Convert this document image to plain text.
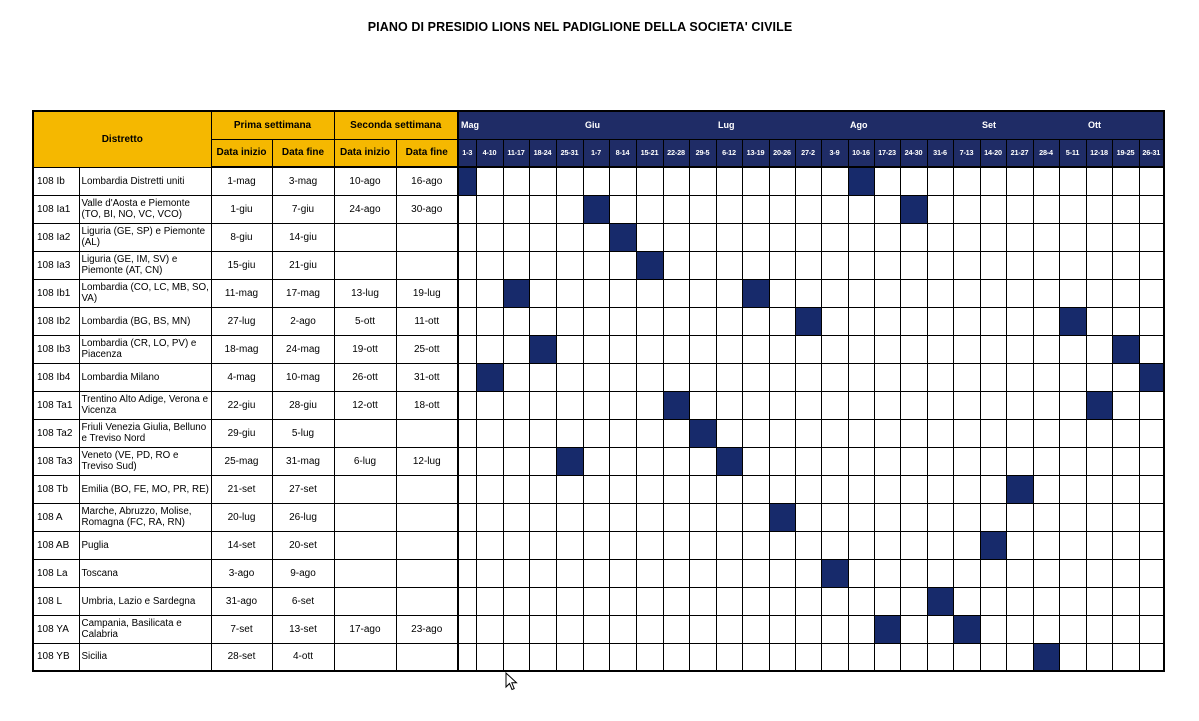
PIANO DI PRESIDIO LIONS NEL PADIGLIONE DELLA SOCIETA' CIVILE
Distretto		Prima settimana		Seconda settimana		Mag					Giu					Lug					Ago					Set				Ott		
		Data inizio	Data fine	Data inizio	Data fine	1-3	4-10	11-17	18-24	25-31	1-7	8-14	15-21	22-28	29-5	6-12	13-19	20-26	27-2	3-9	10-16	17-23	24-30	31-6	7-13	14-20	21-27	28-4	5-11	12-18	19-25	26-31
108 Ib	Lombardia Distretti uniti	1-mag	3-mag	10-ago	16-ago																											
108 Ia1	Valle d'Aosta e Piemonte (TO, BI, NO, VC, VCO)	1-giu	7-giu	24-ago	30-ago																											
108 Ia2	Liguria (GE, SP) e Piemonte (AL)	8-giu	14-giu																													
108 Ia3	Liguria (GE, IM, SV) e Piemonte (AT, CN)	15-giu	21-giu																													
108 Ib1	Lombardia (CO, LC, MB, SO, VA)	11-mag	17-mag	13-lug	19-lug																											
108 Ib2	Lombardia (BG, BS, MN)	27-lug	2-ago	5-ott	11-ott																											
108 Ib3	Lombardia (CR, LO, PV) e Piacenza	18-mag	24-mag	19-ott	25-ott																											
108 Ib4	Lombardia Milano	4-mag	10-mag	26-ott	31-ott																											
108 Ta1	Trentino Alto Adige, Verona e Vicenza	22-giu	28-giu	12-ott	18-ott																											
108 Ta2	Friuli Venezia Giulia, Belluno e Treviso Nord	29-giu	5-lug																													
108 Ta3	Veneto (VE, PD, RO e Treviso Sud)	25-mag	31-mag	6-lug	12-lug																											
108 Tb	Emilia (BO, FE, MO, PR, RE)	21-set	27-set																													
108 A	Marche, Abruzzo, Molise, Romagna (FC, RA, RN)	20-lug	26-lug																													
108 AB	Puglia	14-set	20-set																													
108 La	Toscana	3-ago	9-ago																													
108 L	Umbria, Lazio e Sardegna	31-ago	6-set																													
108 YA	Campania, Basilicata e Calabria	7-set	13-set	17-ago	23-ago																											
108 YB	Sicilia	28-set	4-ott																													
